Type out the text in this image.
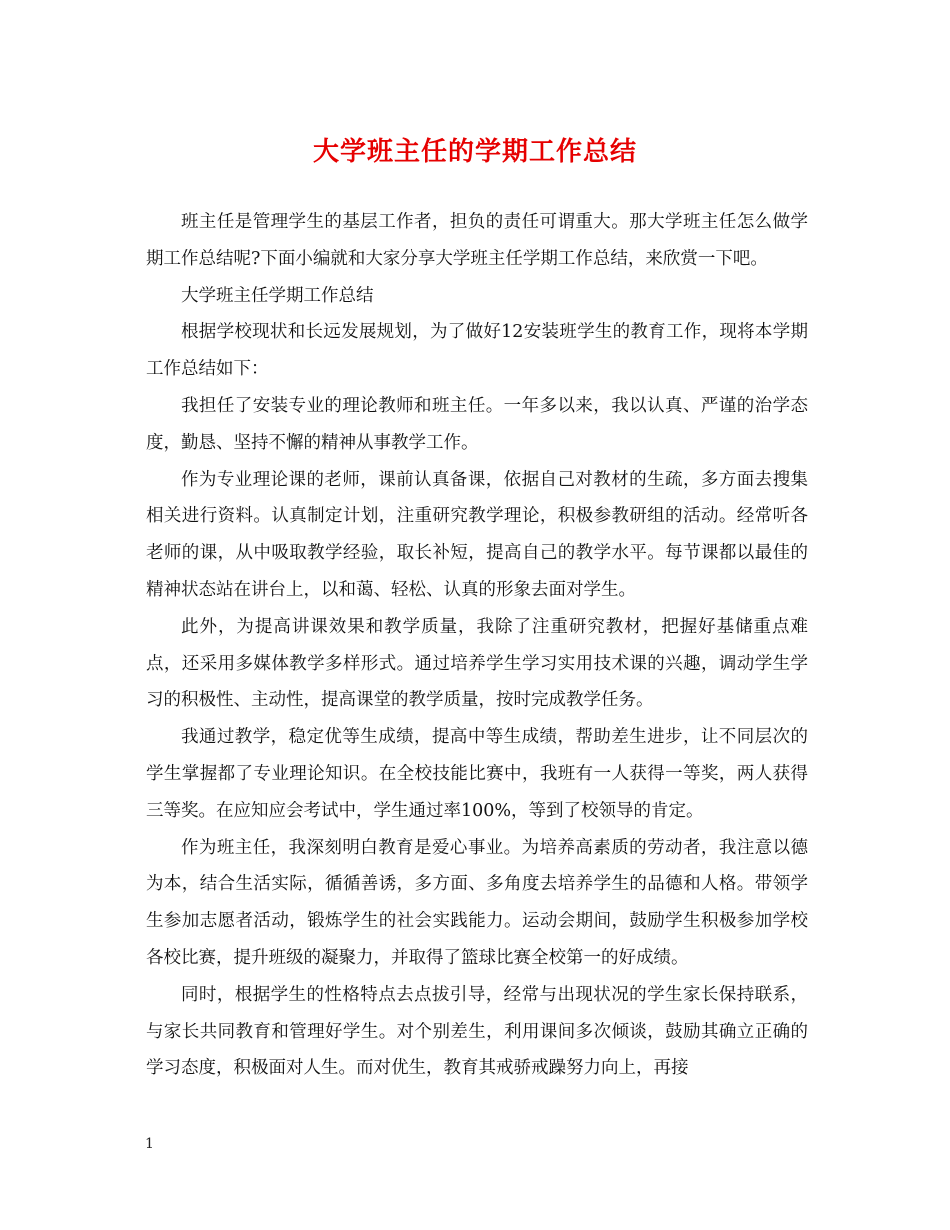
大学班主任的学期工作总结

班主任是管理学生的基层工作者，担负的责任可谓重大。那大学班主任怎么做学期工作总结呢?下面小编就和大家分享大学班主任学期工作总结，来欣赏一下吧。

大学班主任学期工作总结

根据学校现状和长远发展规划，为了做好12安装班学生的教育工作，现将本学期工作总结如下：

我担任了安装专业的理论教师和班主任。一年多以来，我以认真、严谨的治学态度，勤恳、坚持不懈的精神从事教学工作。

作为专业理论课的老师，课前认真备课，依据自己对教材的生疏，多方面去搜集相关进行资料。认真制定计划，注重研究教学理论，积极参教研组的活动。经常听各老师的课，从中吸取教学经验，取长补短，提高自己的教学水平。每节课都以最佳的精神状态站在讲台上，以和蔼、轻松、认真的形象去面对学生。

此外，为提高讲课效果和教学质量，我除了注重研究教材，把握好基储重点难点，还采用多媒体教学多样形式。通过培养学生学习实用技术课的兴趣，调动学生学习的积极性、主动性，提高课堂的教学质量，按时完成教学任务。

我通过教学，稳定优等生成绩，提高中等生成绩，帮助差生进步，让不同层次的学生掌握都了专业理论知识。在全校技能比赛中，我班有一人获得一等奖，两人获得三等奖。在应知应会考试中，学生通过率100%，等到了校领导的肯定。

作为班主任，我深刻明白教育是爱心事业。为培养高素质的劳动者，我注意以德为本，结合生活实际，循循善诱，多方面、多角度去培养学生的品德和人格。带领学生参加志愿者活动，锻炼学生的社会实践能力。运动会期间，鼓励学生积极参加学校各校比赛，提升班级的凝聚力，并取得了篮球比赛全校第一的好成绩。

同时，根据学生的性格特点去点拔引导，经常与出现状况的学生家长保持联系，与家长共同教育和管理好学生。对个别差生，利用课间多次倾谈，鼓励其确立正确的学习态度，积极面对人生。而对优生，教育其戒骄戒躁努力向上，再接

1
